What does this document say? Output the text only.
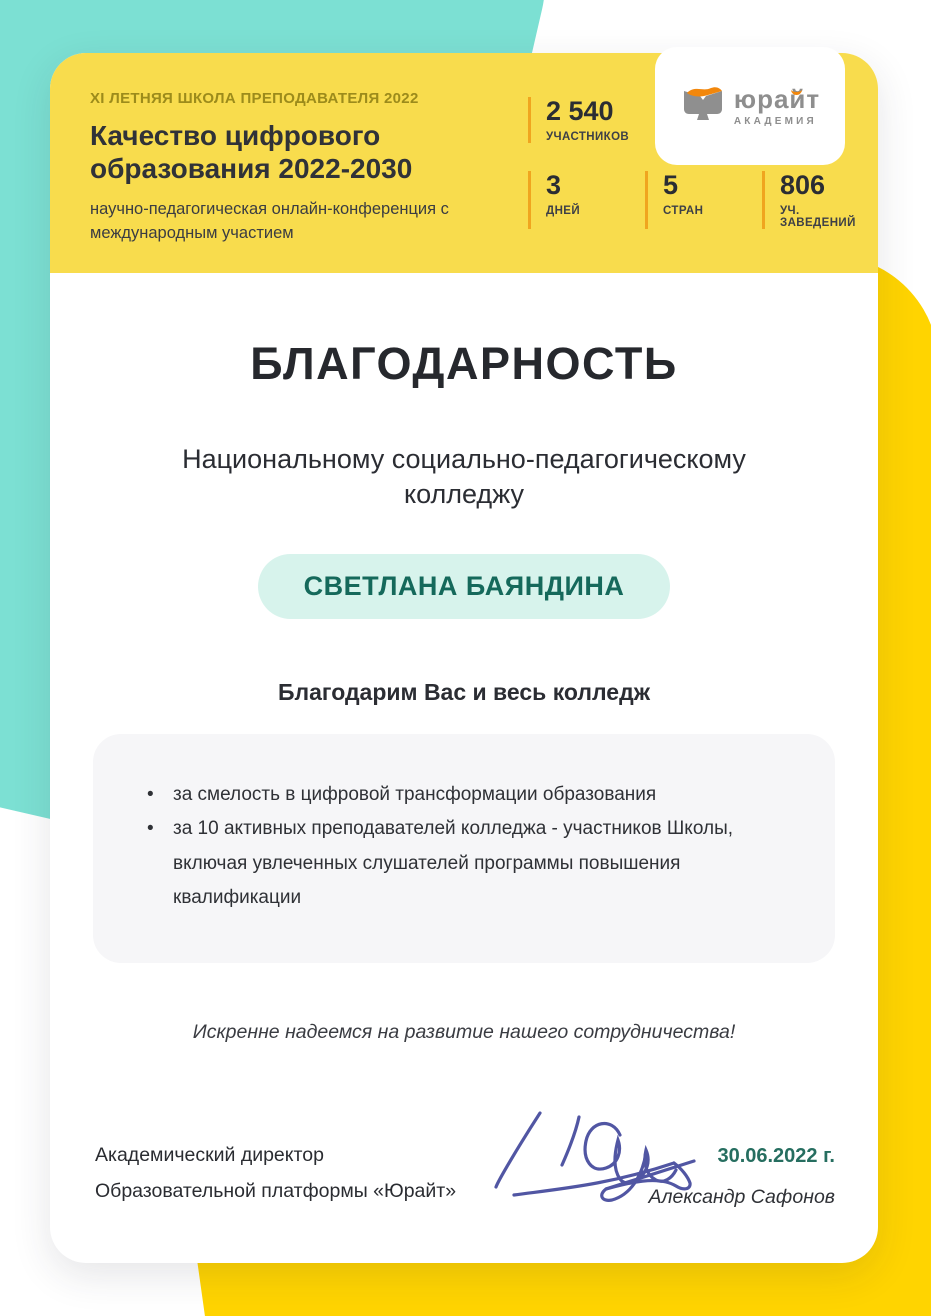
XI ЛЕТНЯЯ ШКОЛА ПРЕПОДАВАТЕЛЯ 2022
Качество цифрового образования 2022-2030
научно-педагогическая онлайн-конференция с международным участием
2 540
УЧАСТНИКОВ
3
ДНЕЙ
5
СТРАН
806
УЧ. ЗАВЕДЕНИЙ
юрайт
АКАДЕМИЯ
БЛАГОДАРНОСТЬ
Национальному социально-педагогическому колледжу
СВЕТЛАНА БАЯНДИНА
Благодарим Вас и весь колледж
•	за смелость в цифровой трансформации образования
•	за 10 активных преподавателей колледжа - участников Школы, включая увлеченных слушателей программы повышения квалификации
Искренне надеемся на развитие нашего сотрудничества!
Академический директор
Образовательной платформы «Юрайт»
30.06.2022 г.
Александр Сафонов
